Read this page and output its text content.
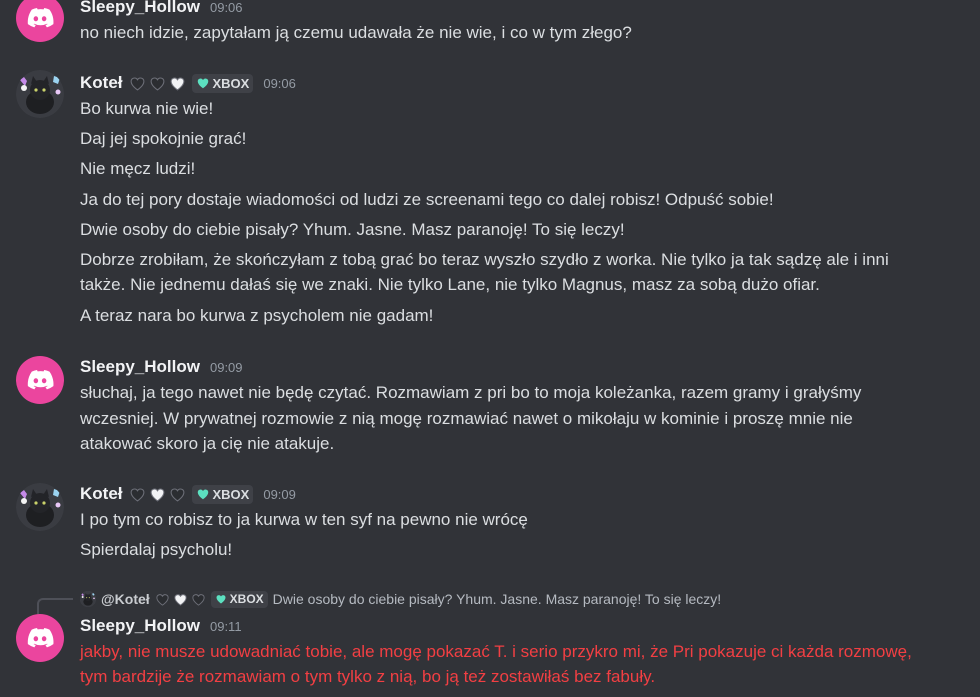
Sleepy_Hollow 09:06
no niech idzie, zapytałam ją czemu udawała że nie wie, i co w tym złego?
Koteł	XBOX 09:06
Bo kurwa nie wie!
Daj jej spokojnie grać!
Nie męcz ludzi!
Ja do tej pory dostaje wiadomości od ludzi ze screenami tego co dalej robisz! Odpuść sobie!
Dwie osoby do ciebie pisały? Yhum. Jasne. Masz paranoję! To się leczy!
Dobrze zrobiłam, że skończyłam z tobą grać bo teraz wyszło szydło z worka. Nie tylko ja tak sądzę ale i inni
także. Nie jednemu dałaś się we znaki. Nie tylko Lane, nie tylko Magnus, masz za sobą dużo ofiar.
A teraz nara bo kurwa z psycholem nie gadam!
Sleepy_Hollow 09:09
słuchaj, ja tego nawet nie będę czytać. Rozmawiam z pri bo to moja koleżanka, razem gramy i grałyśmy
wczesniej. W prywatnej rozmowie z nią mogę rozmawiać nawet o mikołaju w kominie i proszę mnie nie
atakować skoro ja cię nie atakuje.
Koteł	XBOX 09:09
I po tym co robisz to ja kurwa w ten syf na pewno nie wrócę
Spierdalaj psycholu!
@Koteł	XBOX Dwie osoby do ciebie pisały? Yhum. Jasne. Masz paranoję! To się leczy!
Sleepy_Hollow 09:11
jakby, nie musze udowadniać tobie, ale mogę pokazać T. i serio przykro mi, że Pri pokazuje ci każda rozmowę,
tym bardzije że rozmawiam o tym tylko z nią, bo ją też zostawiłaś bez fabuły.
